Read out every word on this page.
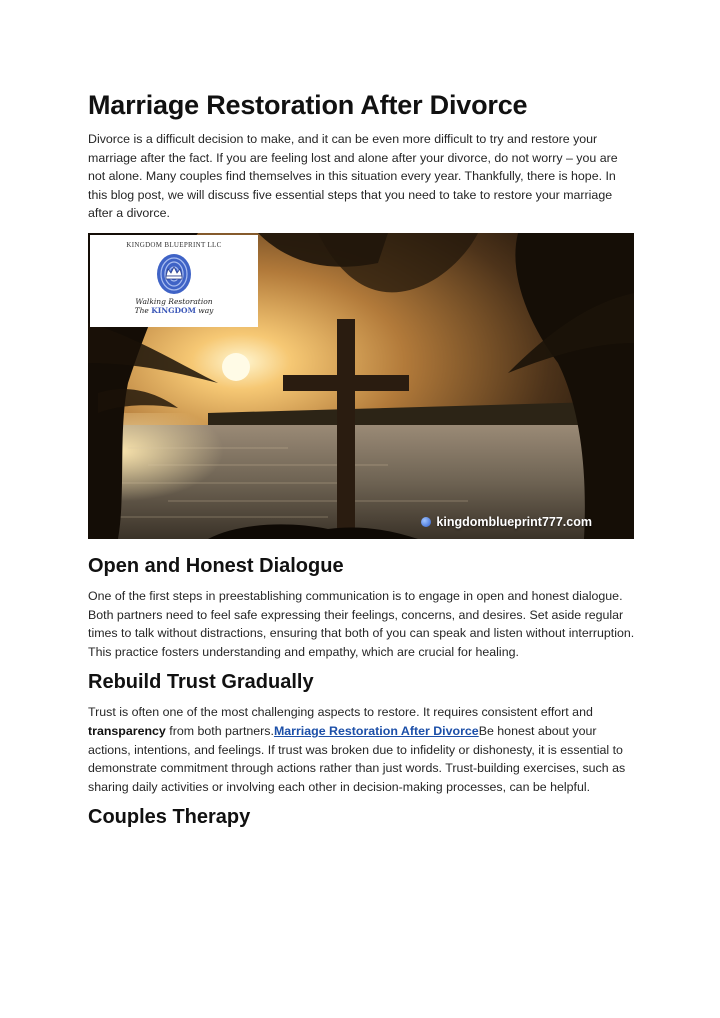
Marriage Restoration After Divorce

Divorce is a difficult decision to make, and it can be even more difficult to try and restore your marriage after the fact. If you are feeling lost and alone after your divorce, do not worry – you are not alone. Many couples find themselves in this situation every year. Thankfully, there is hope. In this blog post, we will discuss five essential steps that you need to take to restore your marriage after a divorce.

KINGDOM BLUEPRINT LLC
Walking Restoration
The KINGDOM way
kingdomblueprint777.com
Open and Honest Dialogue

One of the first steps in preestablishing communication is to engage in open and honest dialogue. Both partners need to feel safe expressing their feelings, concerns, and desires. Set aside regular times to talk without distractions, ensuring that both of you can speak and listen without interruption. This practice fosters understanding and empathy, which are crucial for healing.

Rebuild Trust Gradually

Trust is often one of the most challenging aspects to restore. It requires consistent effort and transparency from both partners.Marriage Restoration After DivorceBe honest about your actions, intentions, and feelings. If trust was broken due to infidelity or dishonesty, it is essential to demonstrate commitment through actions rather than just words. Trust-building exercises, such as sharing daily activities or involving each other in decision-making processes, can be helpful.

Couples Therapy
